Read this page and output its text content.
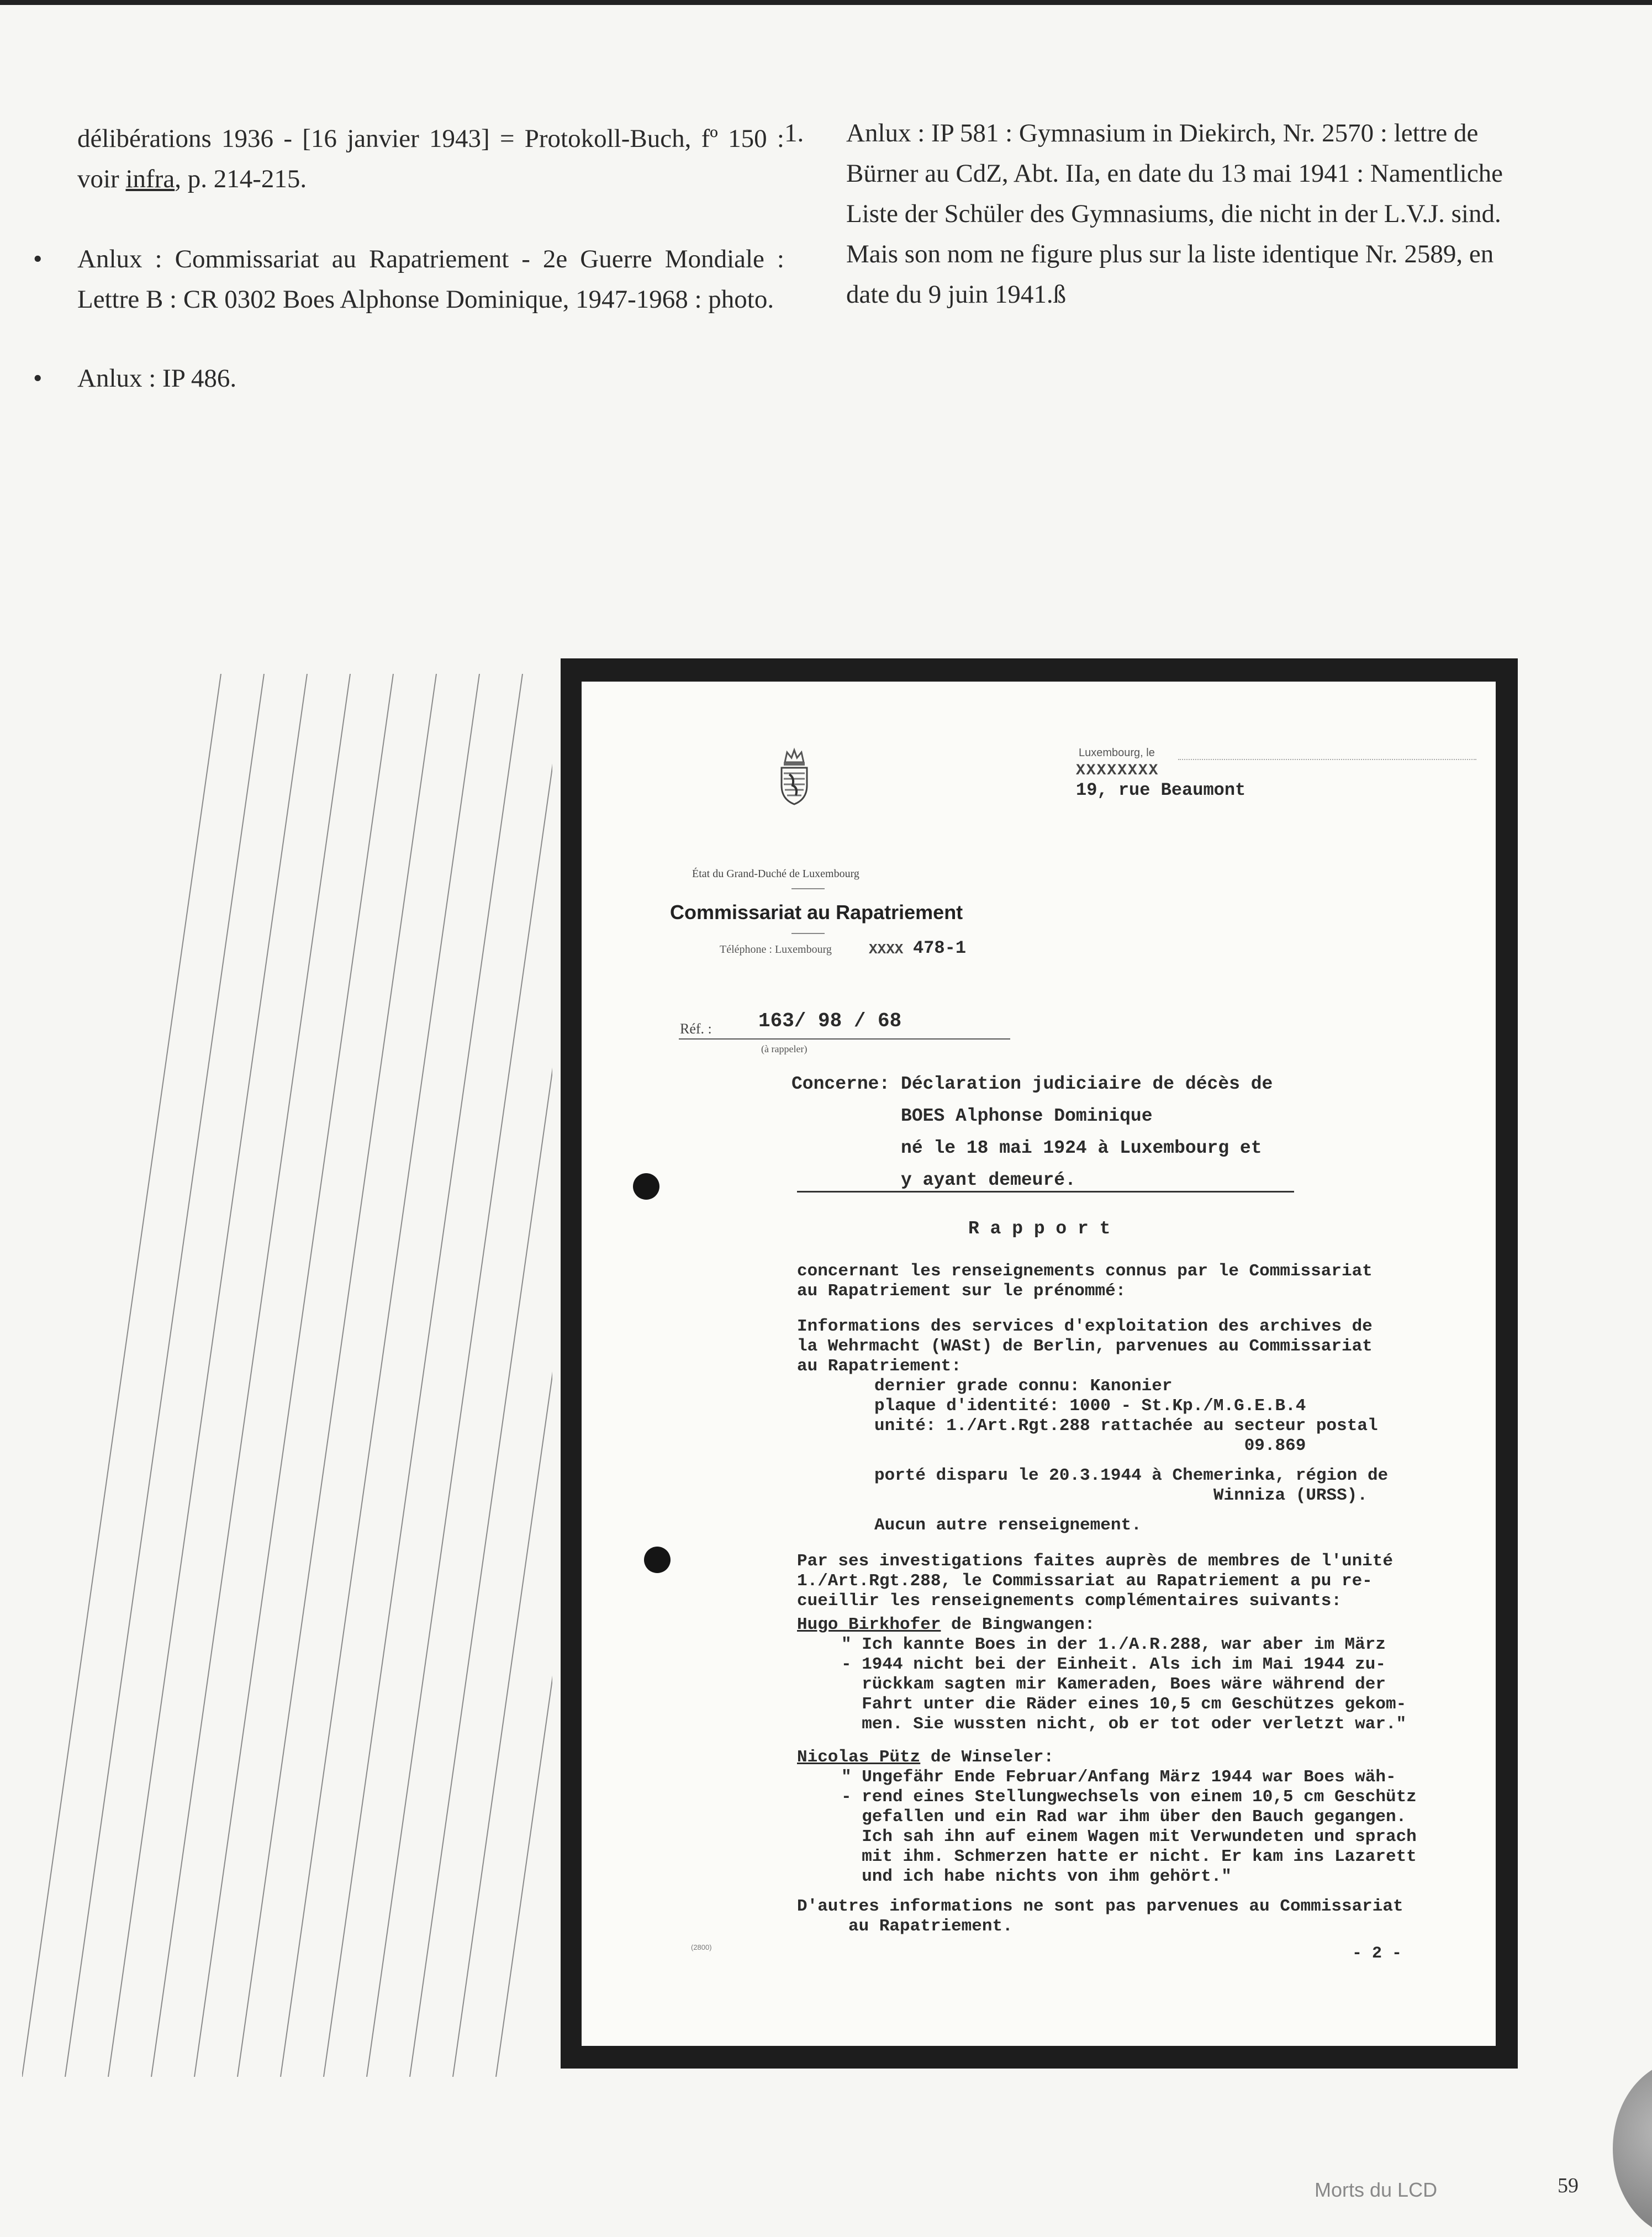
délibérations 1936 - [16 janvier 1943] = Protokoll-Buch, fº 150 : voir infra, p. 214-215.
•	Anlux : Commissariat au Rapatriement - 2e Guerre Mondiale : Lettre B : CR 0302 Boes Alphonse Dominique, 1947-1968 : photo.
•	Anlux : IP 486.
1. Anlux : IP 581 : Gymnasium in Diekirch, Nr. 2570 : lettre de Bürner au CdZ, Abt. IIa, en date du 13 mai 1941 : Namentliche Liste der Schüler des Gymnasiums, die nicht in der L.V.J. sind. Mais son nom ne figure plus sur la liste identique Nr. 2589, en date du 9 juin 1941.ß
Luxembourg, le
XXXXXXXX
19, rue Beaumont
État du Grand-Duché de Luxembourg
Commissariat au Rapatriement
Téléphone : Luxembourg	XXXX 478-1
Réf. : 163/ 98 / 68
(à rappeler)
Concerne: Déclaration judiciaire de décès de
BOES Alphonse Dominique
né le 18 mai 1924 à Luxembourg et
y ayant demeuré.
R a p p o r t
concernant les renseignements connus par le Commissariat
au Rapatriement sur le prénommé:
Informations des services d'exploitation des archives de
la Wehrmacht (WASt) de Berlin, parvenues au Commissariat
au Rapatriement:
dernier grade connu: Kanonier
plaque d'identité: 1000 - St.Kp./M.G.E.B.4
unité: 1./Art.Rgt.288 rattachée au secteur postal
09.869
porté disparu le 20.3.1944 à Chemerinka, région de
Winniza (URSS).
Aucun autre renseignement.
Par ses investigations faites auprès de membres de l'unité
1./Art.Rgt.288, le Commissariat au Rapatriement a pu re-
cueillir les renseignements complémentaires suivants:
Hugo Birkhofer de Bingwangen:
" Ich kannte Boes in der 1./A.R.288, war aber im März
- 1944 nicht bei der Einheit. Als ich im Mai 1944 zu-
rückkam sagten mir Kameraden, Boes wäre während der
Fahrt unter die Räder eines 10,5 cm Geschützes gekom-
men. Sie wussten nicht, ob er tot oder verletzt war."
Nicolas Pütz de Winseler:
" Ungefähr Ende Februar/Anfang März 1944 war Boes wäh-
- rend eines Stellungwechsels von einem 10,5 cm Geschütz
gefallen und ein Rad war ihm über den Bauch gegangen.
Ich sah ihn auf einem Wagen mit Verwundeten und sprach
mit ihm. Schmerzen hatte er nicht. Er kam ins Lazarett
und ich habe nichts von ihm gehört."
D'autres informations ne sont pas parvenues au Commissariat
au Rapatriement.
- 2 -
(2800)
Morts du LCD	59
